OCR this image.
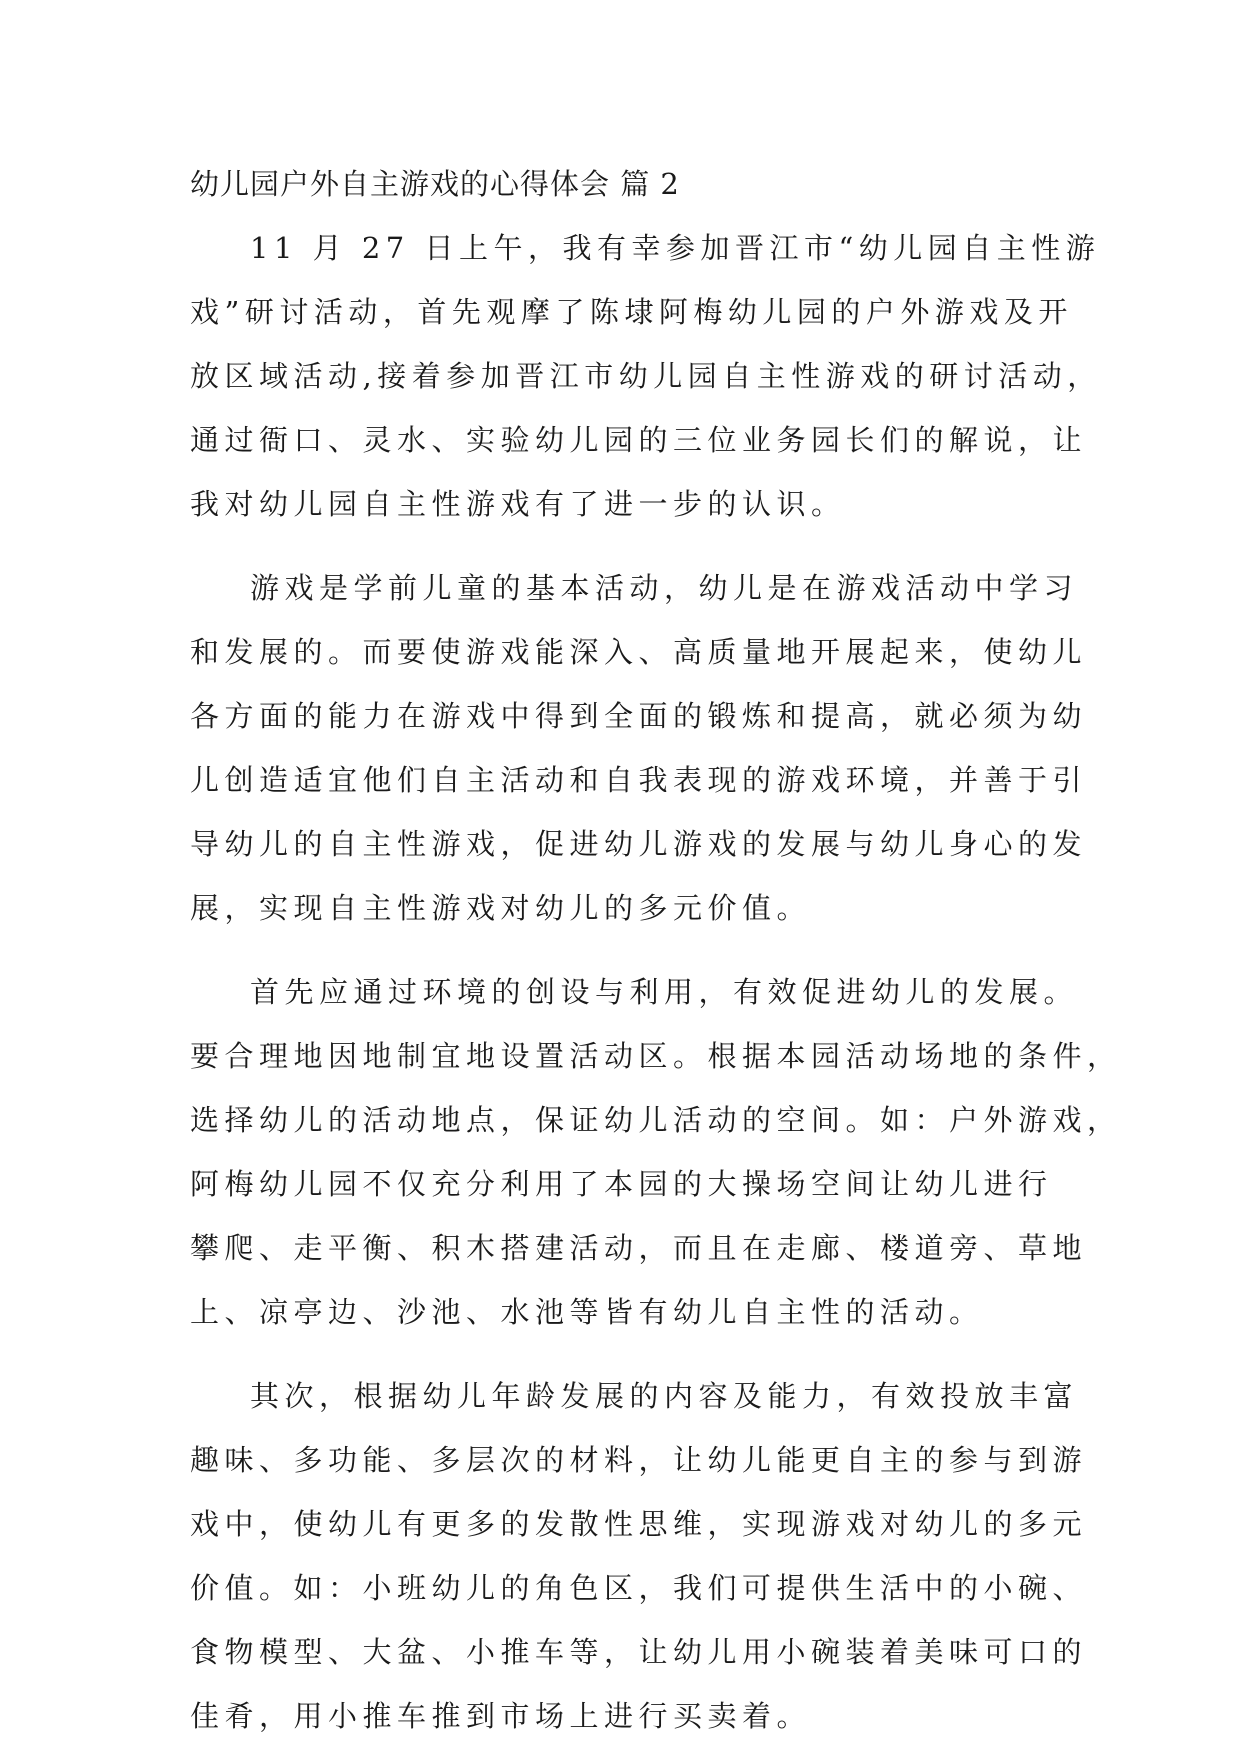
幼儿园户外自主游戏的心得体会 篇 2
11 月 27 日上午，我有幸参加晋江市“幼儿园自主性游
戏”研讨活动，首先观摩了陈埭阿梅幼儿园的户外游戏及开
放区域活动,接着参加晋江市幼儿园自主性游戏的研讨活动，
通过衙口、灵水、实验幼儿园的三位业务园长们的解说，让
我对幼儿园自主性游戏有了进一步的认识。
游戏是学前儿童的基本活动，幼儿是在游戏活动中学习
和发展的。而要使游戏能深入、高质量地开展起来，使幼儿
各方面的能力在游戏中得到全面的锻炼和提高，就必须为幼
儿创造适宜他们自主活动和自我表现的游戏环境，并善于引
导幼儿的自主性游戏，促进幼儿游戏的发展与幼儿身心的发
展，实现自主性游戏对幼儿的多元价值。
首先应通过环境的创设与利用，有效促进幼儿的发展。
要合理地因地制宜地设置活动区。根据本园活动场地的条件，
选择幼儿的活动地点，保证幼儿活动的空间。如：户外游戏，
阿梅幼儿园不仅充分利用了本园的大操场空间让幼儿进行
攀爬、走平衡、积木搭建活动，而且在走廊、楼道旁、草地
上、凉亭边、沙池、水池等皆有幼儿自主性的活动。
其次，根据幼儿年龄发展的内容及能力，有效投放丰富
趣味、多功能、多层次的材料，让幼儿能更自主的参与到游
戏中，使幼儿有更多的发散性思维，实现游戏对幼儿的多元
价值。如：小班幼儿的角色区，我们可提供生活中的小碗、
食物模型、大盆、小推车等，让幼儿用小碗装着美味可口的
佳肴，用小推车推到市场上进行买卖着。
